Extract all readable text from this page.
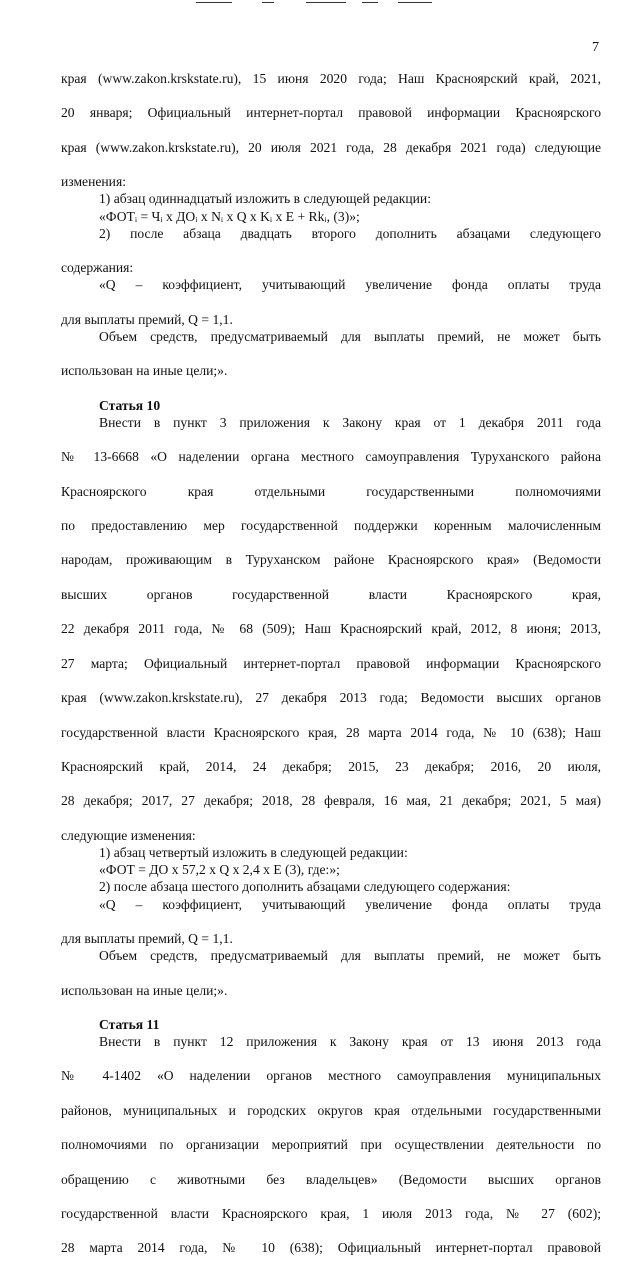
7

края (www.zakon.krskstate.ru), 15 июня 2020 года; Наш Красноярский край, 2021,

20 января; Официальный интернет-портал правовой информации Красноярского

края (www.zakon.krskstate.ru), 20 июля 2021 года, 28 декабря 2021 года) следующие

изменения:

1) абзац одиннадцатый изложить в следующей редакции:

«ФОТᵢ = Чᵢ x ДОᵢ x Nᵢ x Q x Kᵢ x E + Rkᵢ, (3)»;

2) после абзаца двадцать второго дополнить абзацами следующего

содержания:

«Q – коэффициент, учитывающий увеличение фонда оплаты труда

для выплаты премий, Q = 1,1.

Объем средств, предусматриваемый для выплаты премий, не может быть

использован на иные цели;».

Статья 10

Внести в пункт 3 приложения к Закону края от 1 декабря 2011 года

№ 13-6668 «О наделении органа местного самоуправления Туруханского района

Красноярского края отдельными государственными полномочиями

по предоставлению мер государственной поддержки коренным малочисленным

народам, проживающим в Туруханском районе Красноярского края» (Ведомости

высших органов государственной власти Красноярского края,

22 декабря 2011 года, № 68 (509); Наш Красноярский край, 2012, 8 июня; 2013,

27 марта; Официальный интернет-портал правовой информации Красноярского

края (www.zakon.krskstate.ru), 27 декабря 2013 года; Ведомости высших органов

государственной власти Красноярского края, 28 марта 2014 года, № 10 (638); Наш

Красноярский край, 2014, 24 декабря; 2015, 23 декабря; 2016, 20 июля,

28 декабря; 2017, 27 декабря; 2018, 28 февраля, 16 мая, 21 декабря; 2021, 5 мая)

следующие изменения:

1) абзац четвертый изложить в следующей редакции:

«ФОТ = ДО x 57,2 x Q x 2,4 x E (3), где:»;

2) после абзаца шестого дополнить абзацами следующего содержания:

«Q – коэффициент, учитывающий увеличение фонда оплаты труда

для выплаты премий, Q = 1,1.

Объем средств, предусматриваемый для выплаты премий, не может быть

использован на иные цели;».

Статья 11

Внести в пункт 12 приложения к Закону края от 13 июня 2013 года

№ 4-1402 «О наделении органов местного самоуправления муниципальных

районов, муниципальных и городских округов края отдельными государственными

полномочиями по организации мероприятий при осуществлении деятельности по

обращению с животными без владельцев» (Ведомости высших органов

государственной власти Красноярского края, 1 июля 2013 года, № 27 (602);

28 марта 2014 года, № 10 (638); Официальный интернет-портал правовой
